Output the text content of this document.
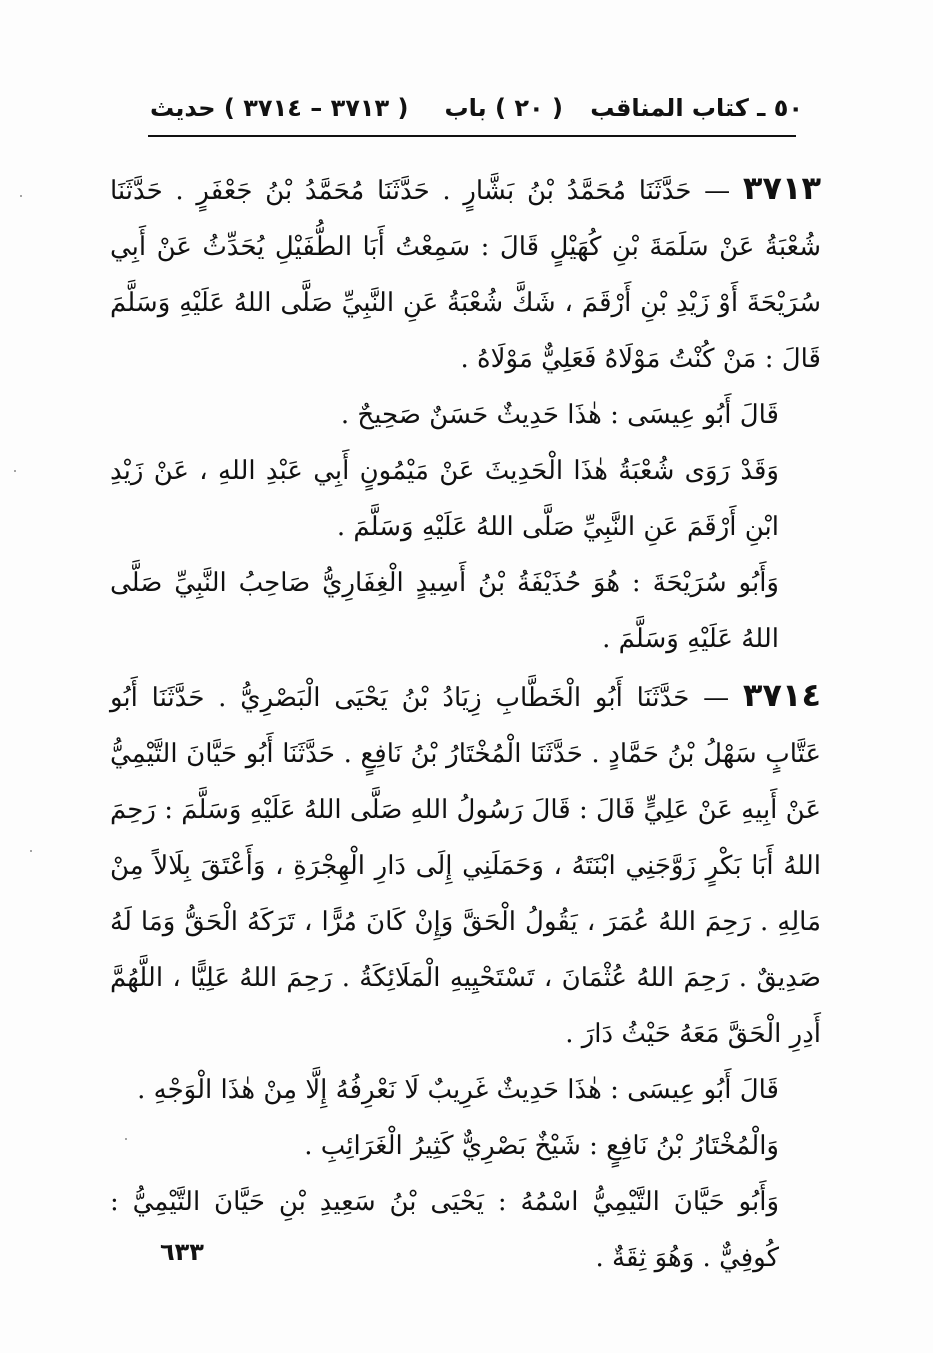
٥٠ ـ كتاب المناقب
( ٢٠ ) باب
( ٣٧١٣ – ٣٧١٤ ) حديث

٣٧١٣ — حَدَّثَنَا مُحَمَّدُ بْنُ بَشَّارٍ . حَدَّثَنَا مُحَمَّدُ بْنُ جَعْفَرٍ . حَدَّثَنَا شُعْبَةُ عَنْ سَلَمَةَ بْنِ كُهَيْلٍ قَالَ : سَمِعْتُ أَبَا الطُّفَيْلِ يُحَدِّثُ عَنْ أَبِي سُرَيْحَةَ أَوْ زَيْدِ بْنِ أَرْقَمَ ، شَكَّ شُعْبَةُ عَنِ النَّبِيِّ صَلَّى اللهُ عَلَيْهِ وَسَلَّمَ قَالَ : مَنْ كُنْتُ مَوْلَاهُ فَعَلِيٌّ مَوْلَاهُ .

قَالَ أَبُو عِيسَى : هٰذَا حَدِيثٌ حَسَنٌ صَحِيحٌ .

وَقَدْ رَوَى شُعْبَةُ هٰذَا الْحَدِيثَ عَنْ مَيْمُونٍ أَبِي عَبْدِ اللهِ ، عَنْ زَيْدِ ابْنِ أَرْقَمَ عَنِ النَّبِيِّ صَلَّى اللهُ عَلَيْهِ وَسَلَّمَ .

وَأَبُو سُرَيْحَةَ : هُوَ حُذَيْفَةُ بْنُ أَسِيدٍ الْغِفَارِيُّ صَاحِبُ النَّبِيِّ صَلَّى اللهُ عَلَيْهِ وَسَلَّمَ .

٣٧١٤ — حَدَّثَنَا أَبُو الْخَطَّابِ زِيَادُ بْنُ يَحْيَى الْبَصْرِيُّ . حَدَّثَنَا أَبُو عَتَّابٍ سَهْلُ بْنُ حَمَّادٍ . حَدَّثَنَا الْمُخْتَارُ بْنُ نَافِعٍ . حَدَّثَنَا أَبُو حَيَّانَ التَّيْمِيُّ عَنْ أَبِيهِ عَنْ عَلِيٍّ قَالَ : قَالَ رَسُولُ اللهِ صَلَّى اللهُ عَلَيْهِ وَسَلَّمَ : رَحِمَ اللهُ أَبَا بَكْرٍ زَوَّجَنِي ابْنَتَهُ ، وَحَمَلَنِي إِلَى دَارِ الْهِجْرَةِ ، وَأَعْتَقَ بِلَالاً مِنْ مَالِهِ . رَحِمَ اللهُ عُمَرَ ، يَقُولُ الْحَقَّ وَإِنْ كَانَ مُرًّا ، تَرَكَهُ الْحَقُّ وَمَا لَهُ صَدِيقٌ . رَحِمَ اللهُ عُثْمَانَ ، تَسْتَحْيِيهِ الْمَلَائِكَةُ . رَحِمَ اللهُ عَلِيًّا ، اللَّهُمَّ أَدِرِ الْحَقَّ مَعَهُ حَيْثُ دَارَ .

قَالَ أَبُو عِيسَى : هٰذَا حَدِيثٌ غَرِيبٌ لَا نَعْرِفُهُ إِلَّا مِنْ هٰذَا الْوَجْهِ .

وَالْمُخْتَارُ بْنُ نَافِعٍ : شَيْخٌ بَصْرِيٌّ كَثِيرُ الْغَرَائِبِ .

وَأَبُو حَيَّانَ التَّيْمِيُّ اسْمُهُ : يَحْيَى بْنُ سَعِيدِ بْنِ حَيَّانَ التَّيْمِيُّ : كُوفِيٌّ . وَهُوَ ثِقَةٌ .

٦٣٣
